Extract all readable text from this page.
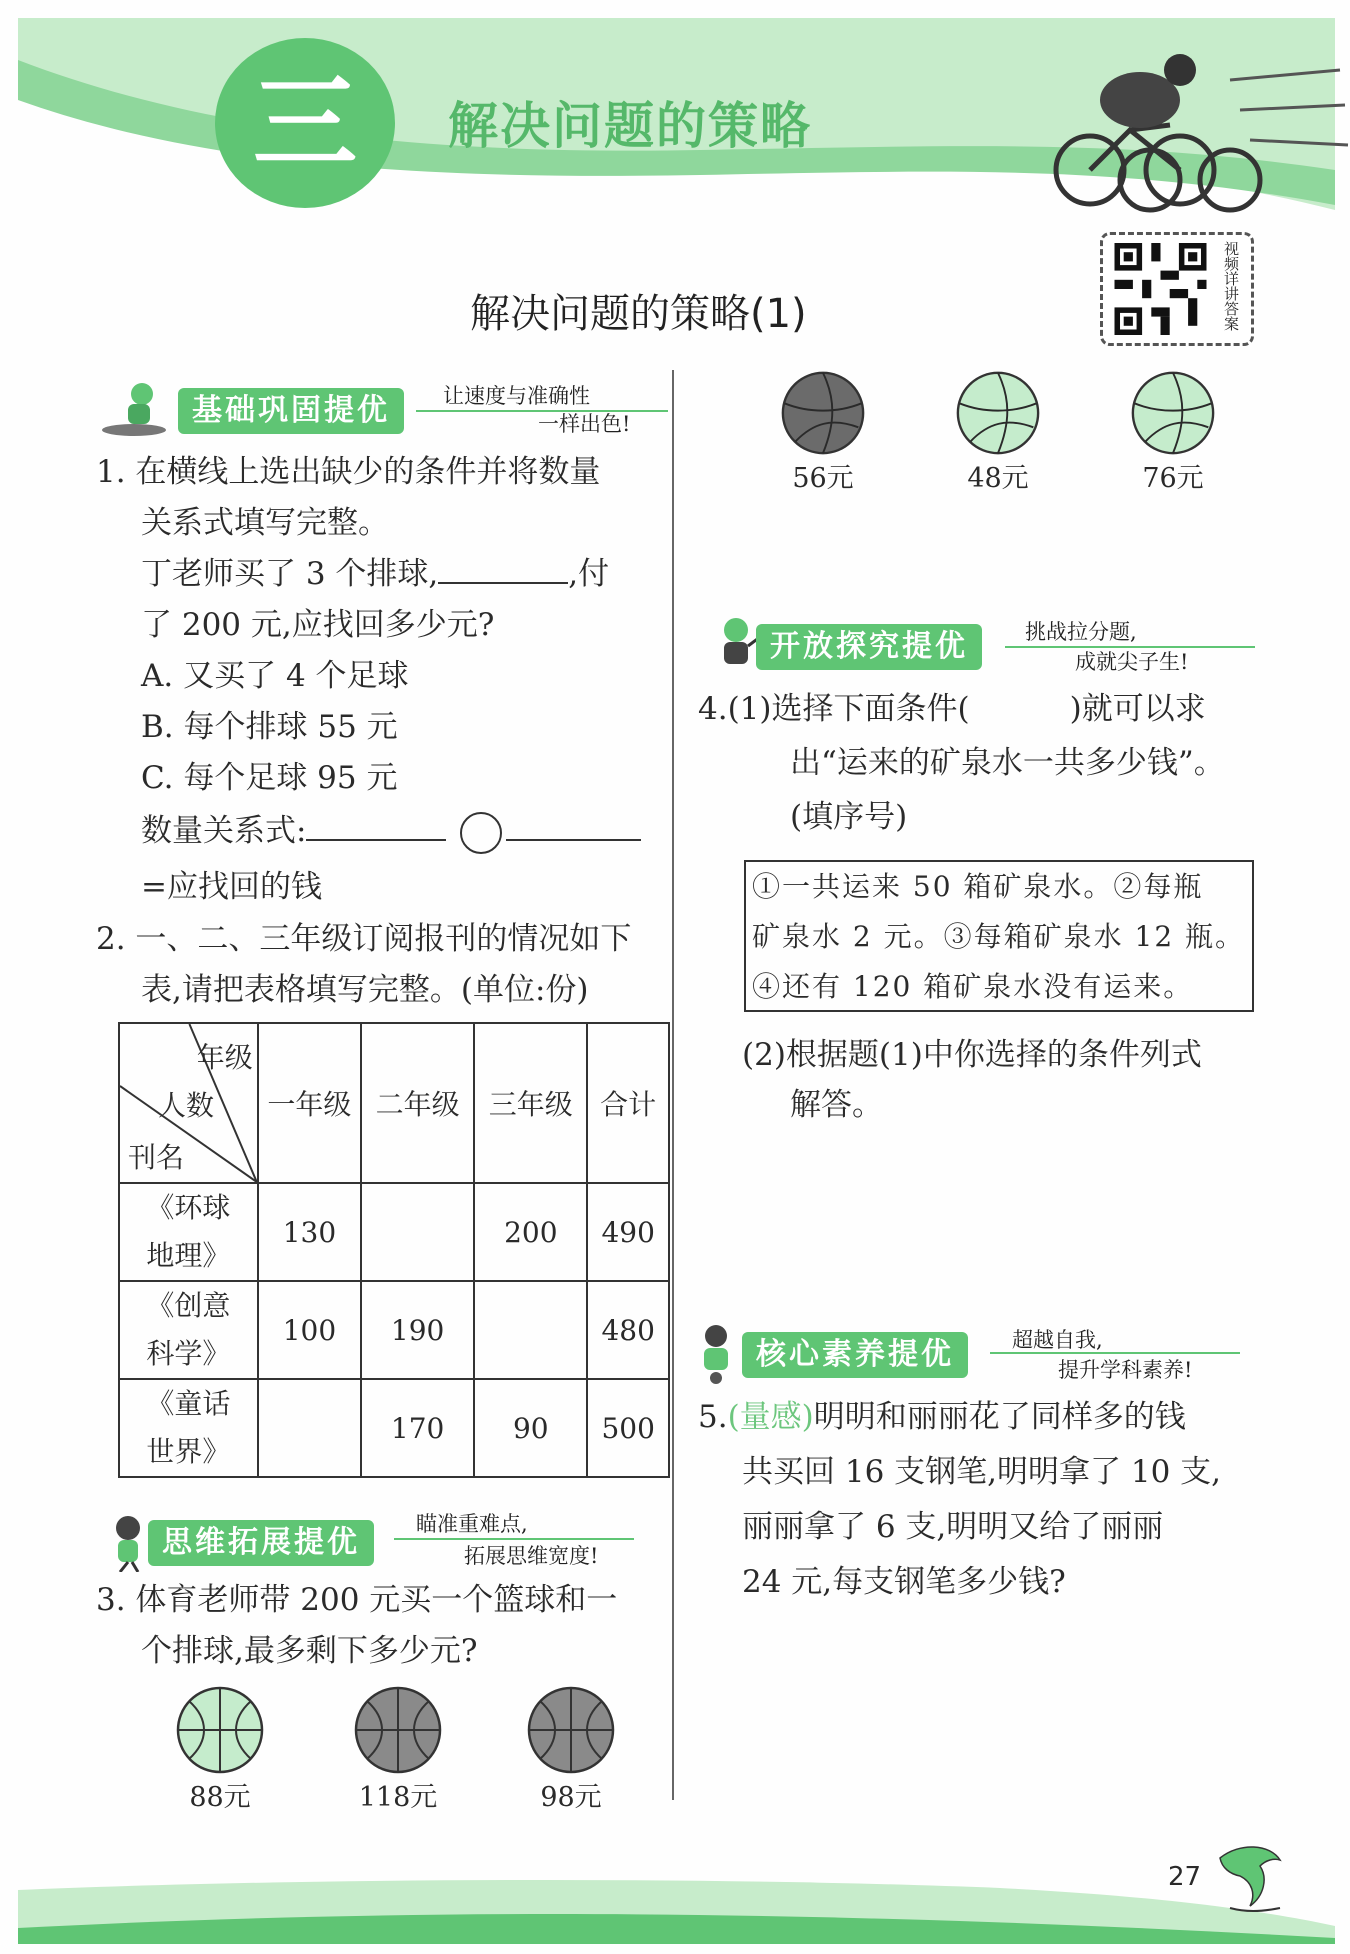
三 解决问题的策略
解决问题的策略(1)	视频详讲答案
基础巩固提优	让速度与准确性
一样出色!
1. 在横线上选出缺少的条件并将数量
关系式填写完整。
丁老师买了 3 个排球,	,付
了 200 元,应找回多少元?
A. 又买了 4 个足球
B. 每个排球 55 元
C. 每个足球 95 元
数量关系式:
=应找回的钱
2. 一、二、三年级订阅报刊的情况如下
表,请把表格填写完整。(单位:份)
年级
人数
刊名	一年级	二年级	三年级	合计

《环球
地理》	130		200	490

《创意
科学》	100	190		480

《童话
世界》		170	90	500
思维拓展提优
瞄准重难点,
拓展思维宽度!
3. 体育老师带 200 元买一个篮球和一
个排球,最多剩下多少元?
88元	118元	98元
56元	48元	76元
开放探究提优	挑战拉分题,
成就尖子生!
4.(1)选择下面条件(	)就可以求
出“运来的矿泉水一共多少钱”。
(填序号)
①一共运来 50 箱矿泉水。②每瓶
矿泉水 2 元。③每箱矿泉水 12 瓶。
④还有 120 箱矿泉水没有运来。
(2)根据题(1)中你选择的条件列式
解答。
核心素养提优	超越自我,
提升学科素养!
5.(量感)明明和丽丽花了同样多的钱
共买回 16 支钢笔,明明拿了 10 支,
丽丽拿了 6 支,明明又给了丽丽
24 元,每支钢笔多少钱?
27
